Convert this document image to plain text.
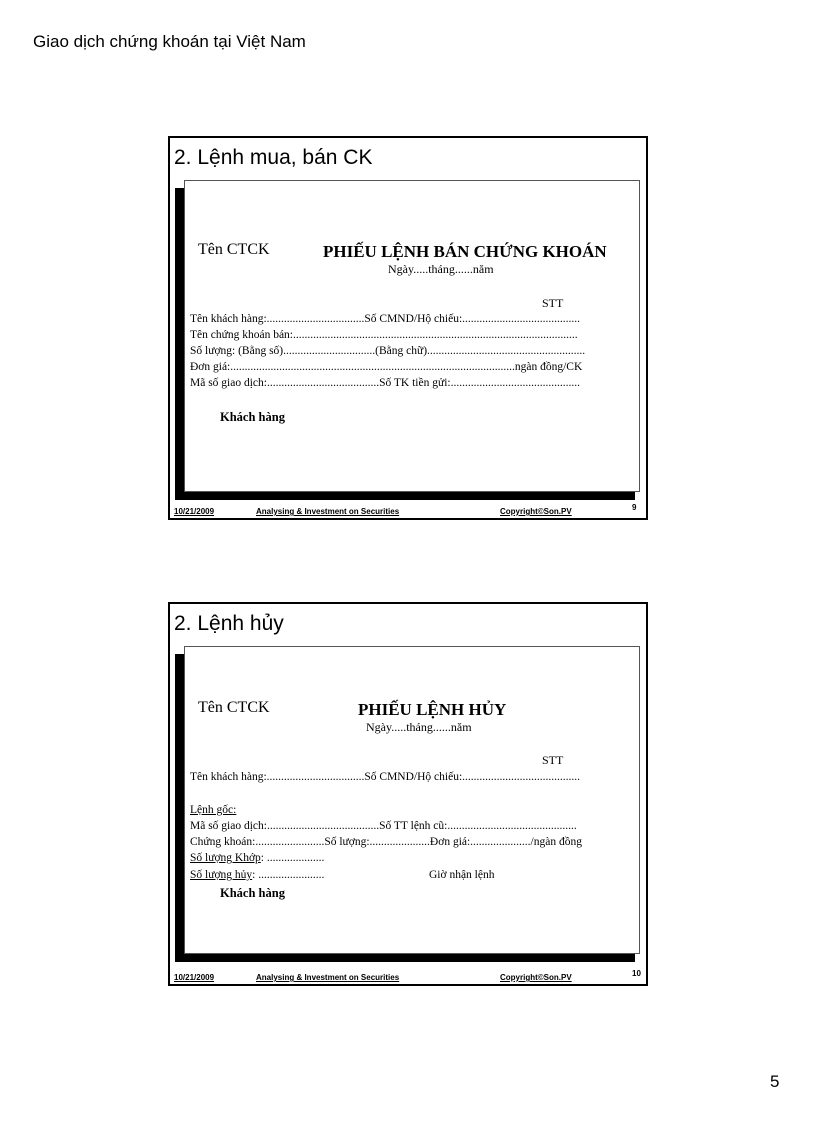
Giao dịch chứng khoán tại Việt Nam
2. Lệnh mua, bán CK
Tên CTCK	PHIẾU LỆNH BÁN CHỨNG KHOÁN
Ngày.....tháng......năm
STT
Tên khách hàng:..................................Số CMND/Hộ chiếu:.........................................
Tên chứng khoán bán:...................................................................................................
Số lượng: (Bằng số)................................(Bằng chữ).......................................................
Đơn giá:...................................................................................................ngàn đồng/CK
Mã số giao dịch:.......................................Số TK tiền gửi:.............................................
Khách hàng
10/21/2009	Analysing & Investment on Securities	Copyright©Son.PV	9
2. Lệnh hủy
Tên CTCK	PHIẾU LỆNH HỦY
Ngày.....tháng......năm
STT
Tên khách hàng:..................................Số CMND/Hộ chiếu:.........................................
Lệnh gốc:
Mã số giao dịch:.......................................Số TT lệnh cũ:.............................................
Chứng khoán:........................Số lượng:.....................Đơn giá:...................../ngàn đồng
Số lượng Khớp: ....................
Số lượng hủy: .......................	Giờ nhận lệnh
Khách hàng
10/21/2009	Analysing & Investment on Securities	Copyright©Son.PV	10
5
